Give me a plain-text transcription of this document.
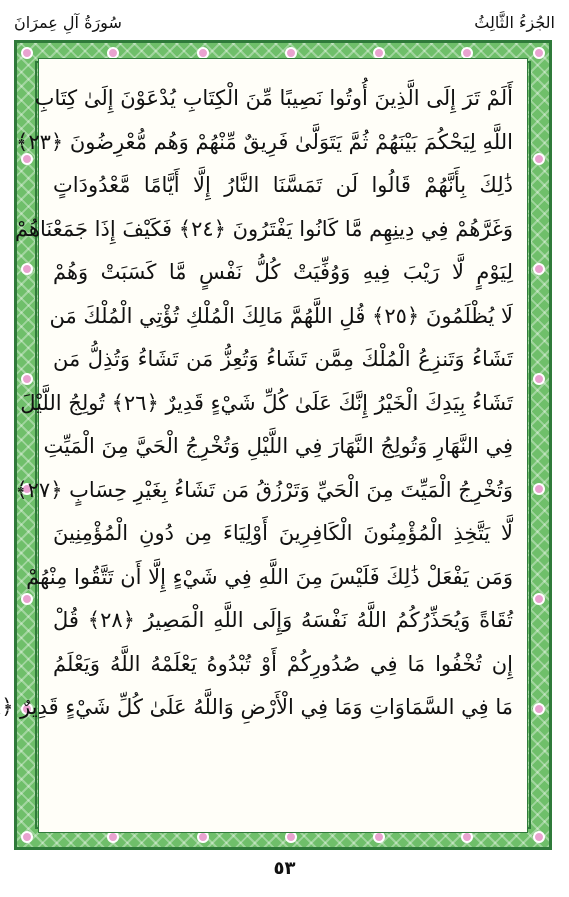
الجُزءُ الثَّالِثُ
سُورَةُ آلِ عِمرَانَ
أَلَمْ تَرَ إِلَى الَّذِينَ أُوتُوا نَصِيبًا مِّنَ الْكِتَابِ يُدْعَوْنَ إِلَىٰ كِتَابِ
اللَّهِ لِيَحْكُمَ بَيْنَهُمْ ثُمَّ يَتَوَلَّىٰ فَرِيقٌ مِّنْهُمْ وَهُم مُّعْرِضُونَ ﴿٢٣﴾
ذَٰلِكَ بِأَنَّهُمْ قَالُوا لَن تَمَسَّنَا النَّارُ إِلَّا أَيَّامًا مَّعْدُودَاتٍ
وَغَرَّهُمْ فِي دِينِهِم مَّا كَانُوا يَفْتَرُونَ ﴿٢٤﴾ فَكَيْفَ إِذَا جَمَعْنَاهُمْ
لِيَوْمٍ لَّا رَيْبَ فِيهِ وَوُفِّيَتْ كُلُّ نَفْسٍ مَّا كَسَبَتْ وَهُمْ
لَا يُظْلَمُونَ ﴿٢٥﴾ قُلِ اللَّهُمَّ مَالِكَ الْمُلْكِ تُؤْتِي الْمُلْكَ مَن
تَشَاءُ وَتَنزِعُ الْمُلْكَ مِمَّن تَشَاءُ وَتُعِزُّ مَن تَشَاءُ وَتُذِلُّ مَن
تَشَاءُ بِيَدِكَ الْخَيْرُ إِنَّكَ عَلَىٰ كُلِّ شَيْءٍ قَدِيرٌ ﴿٢٦﴾ تُولِجُ اللَّيْلَ
فِي النَّهَارِ وَتُولِجُ النَّهَارَ فِي اللَّيْلِ وَتُخْرِجُ الْحَيَّ مِنَ الْمَيِّتِ
وَتُخْرِجُ الْمَيِّتَ مِنَ الْحَيِّ وَتَرْزُقُ مَن تَشَاءُ بِغَيْرِ حِسَابٍ ﴿٢٧﴾
لَّا يَتَّخِذِ الْمُؤْمِنُونَ الْكَافِرِينَ أَوْلِيَاءَ مِن دُونِ الْمُؤْمِنِينَ
وَمَن يَفْعَلْ ذَٰلِكَ فَلَيْسَ مِنَ اللَّهِ فِي شَيْءٍ إِلَّا أَن تَتَّقُوا مِنْهُمْ
تُقَاةً وَيُحَذِّرُكُمُ اللَّهُ نَفْسَهُ وَإِلَى اللَّهِ الْمَصِيرُ ﴿٢٨﴾ قُلْ
إِن تُخْفُوا مَا فِي صُدُورِكُمْ أَوْ تُبْدُوهُ يَعْلَمْهُ اللَّهُ وَيَعْلَمُ
مَا فِي السَّمَاوَاتِ وَمَا فِي الْأَرْضِ وَاللَّهُ عَلَىٰ كُلِّ شَيْءٍ قَدِيرٌ ﴿
٥٣
